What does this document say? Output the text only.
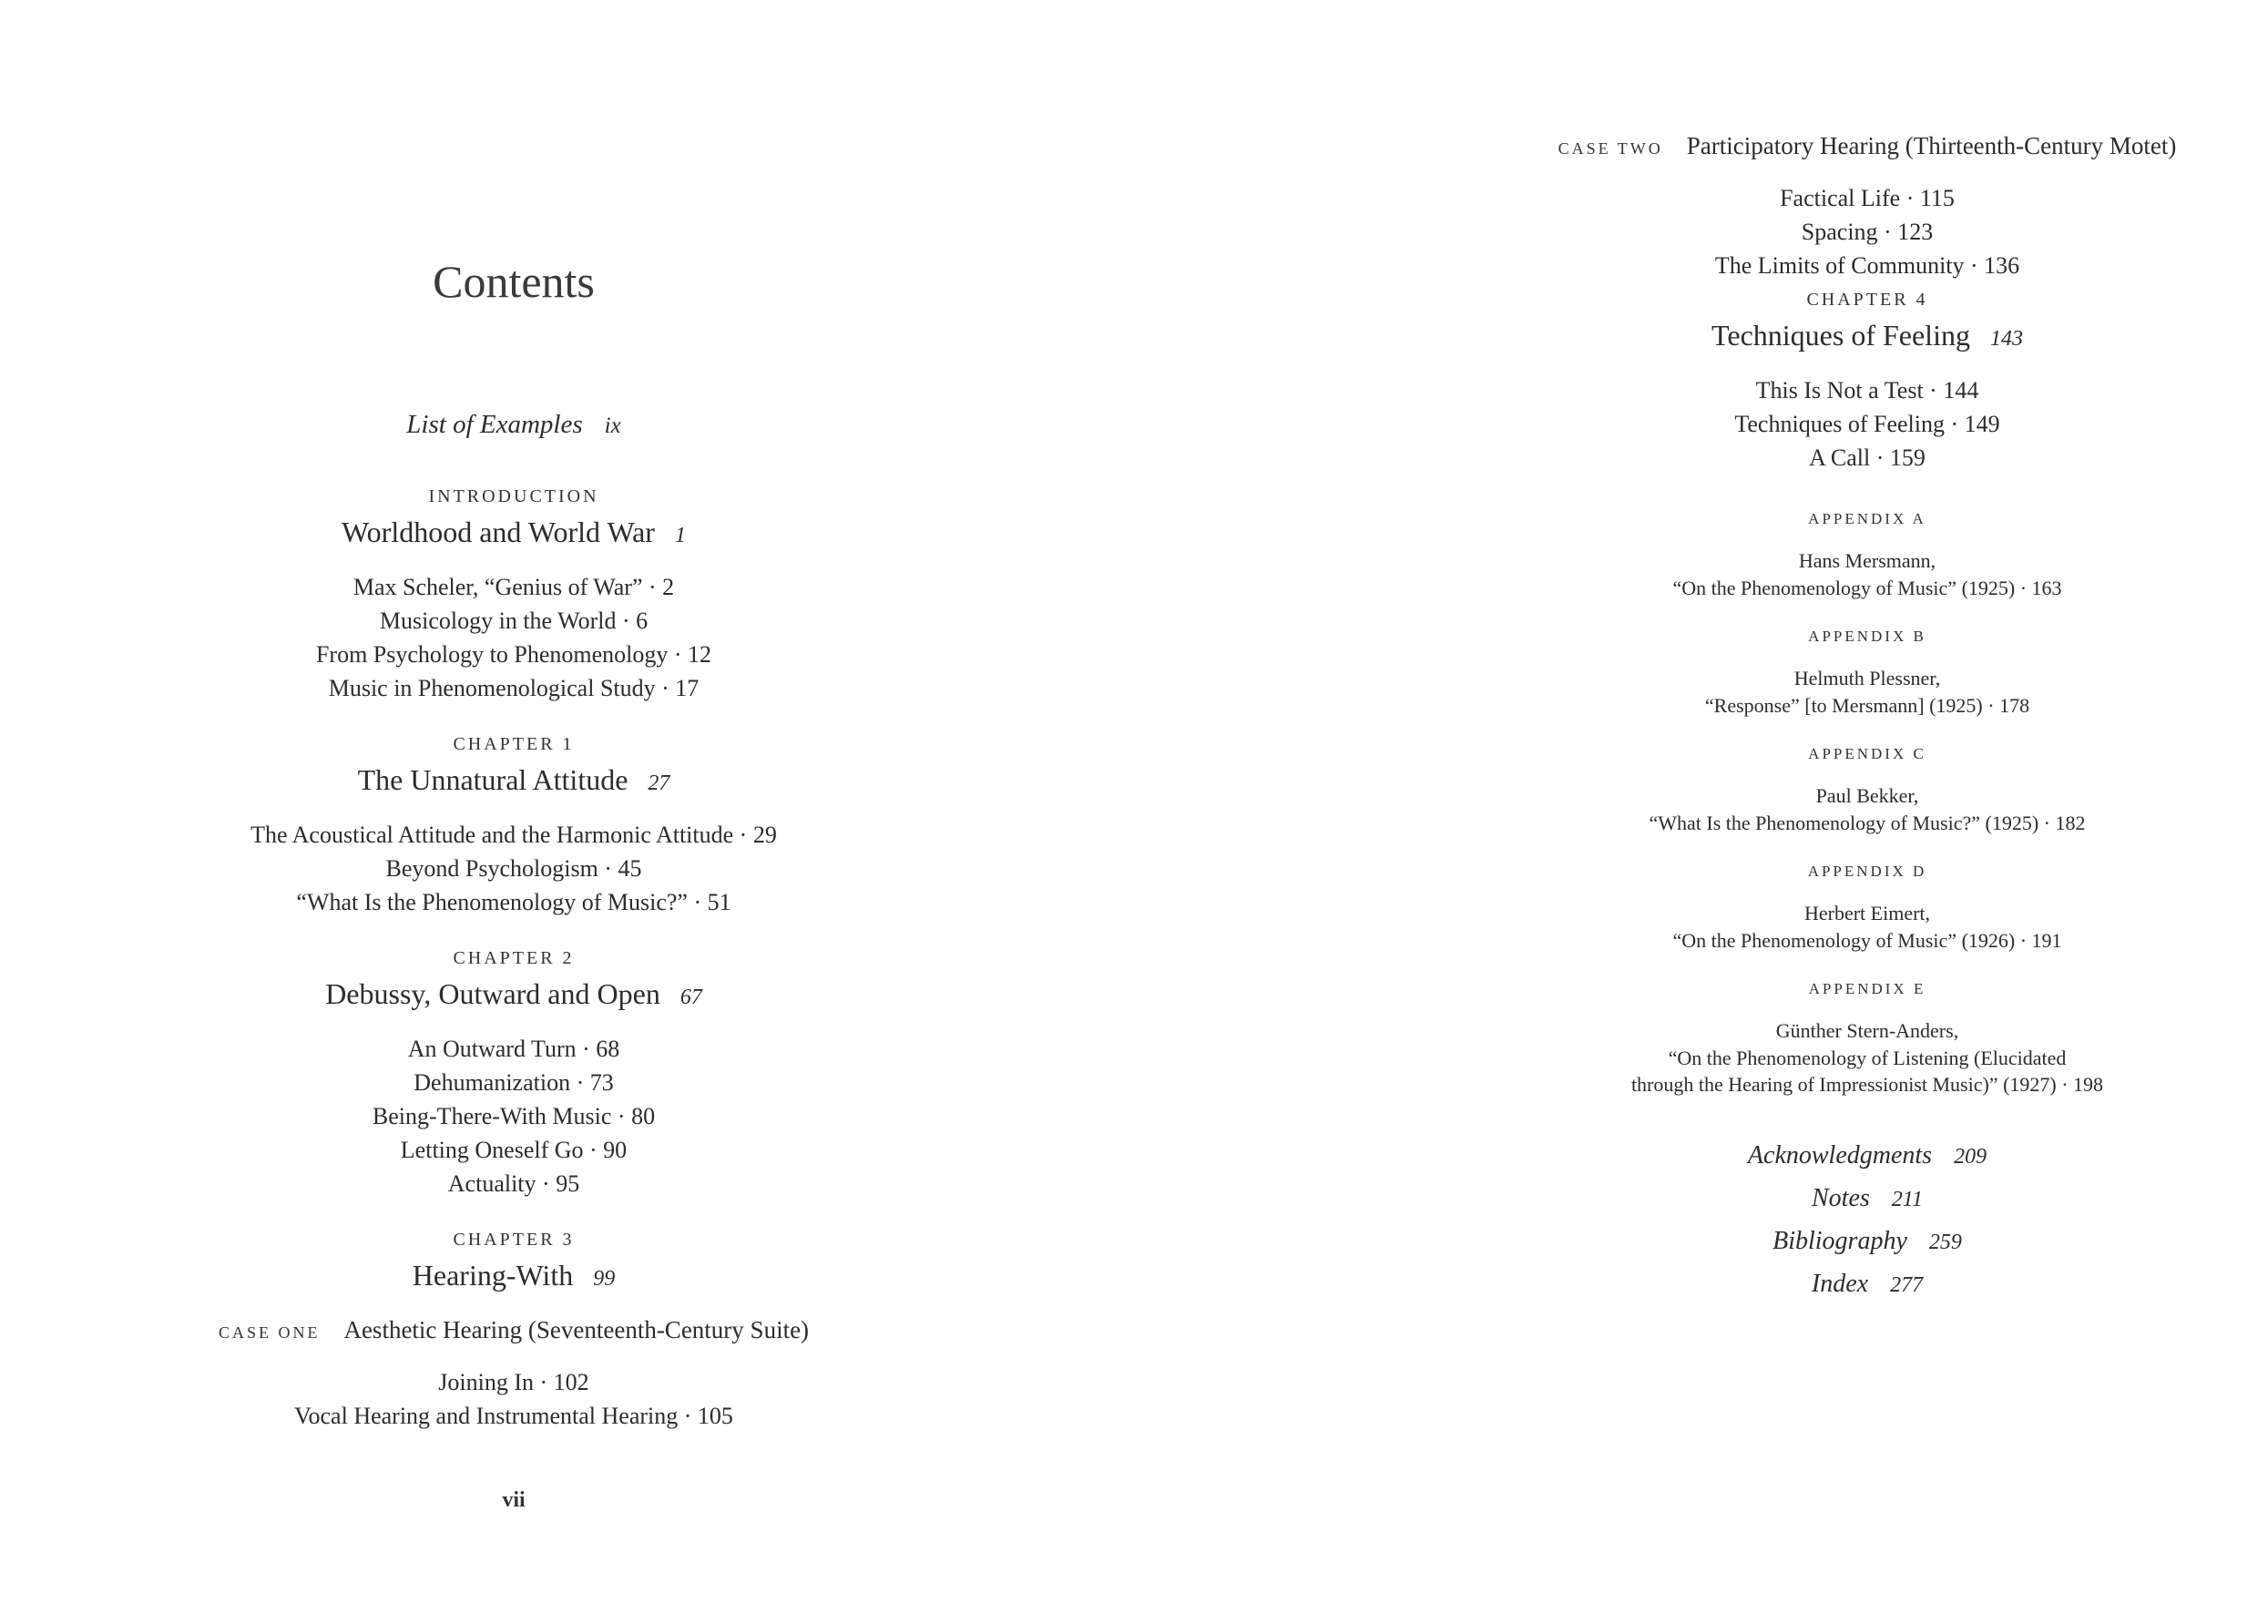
Contents
List of Examples ix
INTRODUCTION
Worldhood and World War 1
Max Scheler, “Genius of War” · 2
Musicology in the World · 6
From Psychology to Phenomenology · 12
Music in Phenomenological Study · 17
CHAPTER 1
The Unnatural Attitude 27
The Acoustical Attitude and the Harmonic Attitude · 29
Beyond Psychologism · 45
“What Is the Phenomenology of Music?” · 51
CHAPTER 2
Debussy, Outward and Open 67
An Outward Turn · 68
Dehumanization · 73
Being-There-With Music · 80
Letting Oneself Go · 90
Actuality · 95
CHAPTER 3
Hearing-With 99
CASE ONE Aesthetic Hearing (Seventeenth-Century Suite)
Joining In · 102
Vocal Hearing and Instrumental Hearing · 105
vii
CASE TWO Participatory Hearing (Thirteenth-Century Motet)
Factical Life · 115
Spacing · 123
The Limits of Community · 136
CHAPTER 4
Techniques of Feeling 143
This Is Not a Test · 144
Techniques of Feeling · 149
A Call · 159
APPENDIX A
Hans Mersmann,
“On the Phenomenology of Music” (1925) · 163
APPENDIX B
Helmuth Plessner,
“Response” [to Mersmann] (1925) · 178
APPENDIX C
Paul Bekker,
“What Is the Phenomenology of Music?” (1925) · 182
APPENDIX D
Herbert Eimert,
“On the Phenomenology of Music” (1926) · 191
APPENDIX E
Günther Stern-Anders,
“On the Phenomenology of Listening (Elucidated
through the Hearing of Impressionist Music)” (1927) · 198
Acknowledgments 209
Notes 211
Bibliography 259
Index 277
